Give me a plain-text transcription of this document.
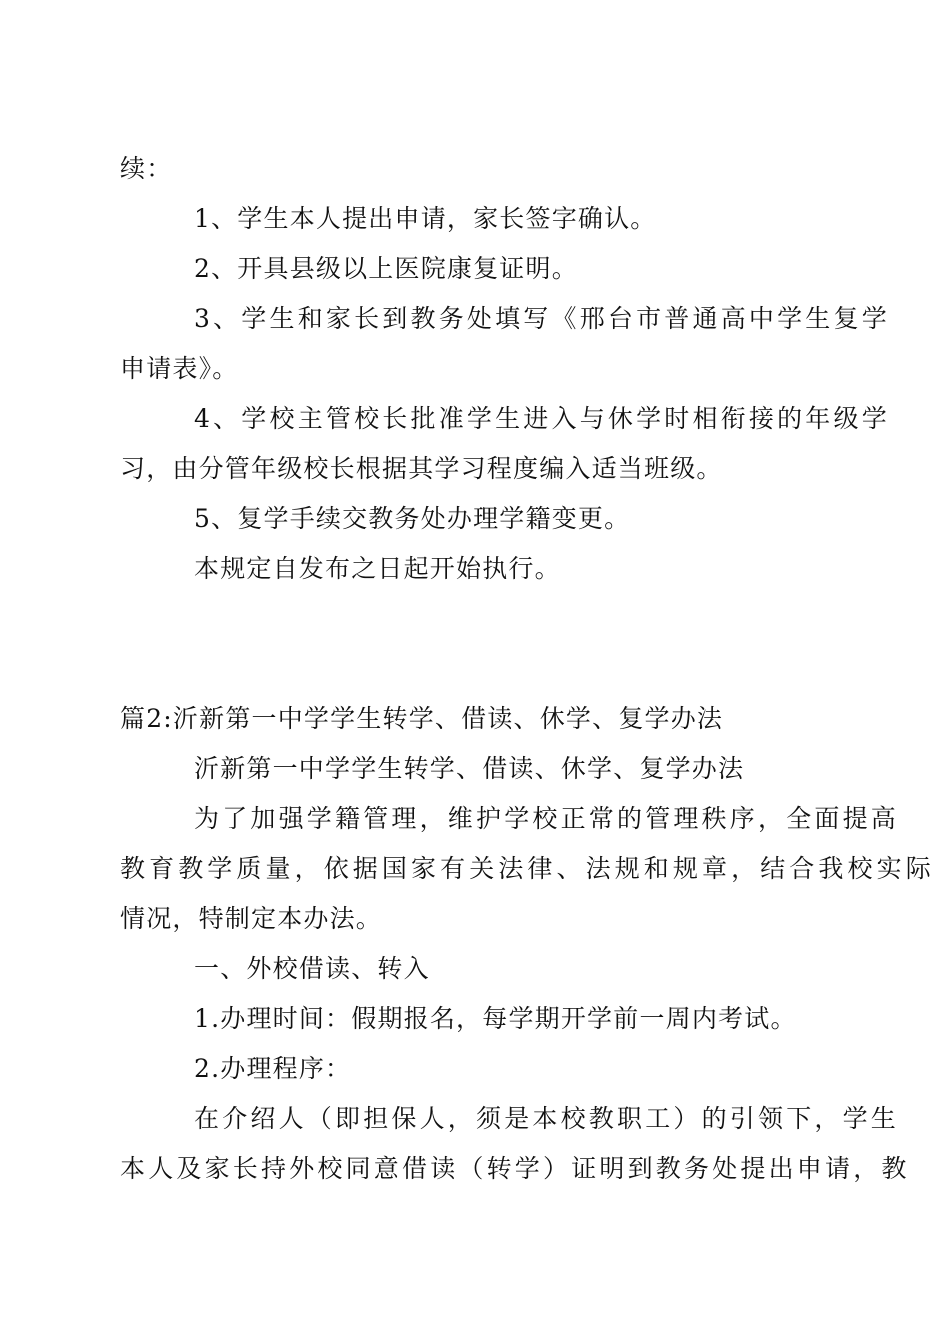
续：
1、学生本人提出申请，家长签字确认。
2、开具县级以上医院康复证明。
3、学生和家长到教务处填写《邢台市普通高中学生复学
申请表》。
4、学校主管校长批准学生进入与休学时相衔接的年级学
习，由分管年级校长根据其学习程度编入适当班级。
5、复学手续交教务处办理学籍变更。
本规定自发布之日起开始执行。
篇2:沂新第一中学学生转学、借读、休学、复学办法
沂新第一中学学生转学、借读、休学、复学办法
为了加强学籍管理，维护学校正常的管理秩序，全面提高
教育教学质量，依据国家有关法律、法规和规章，结合我校实际
情况，特制定本办法。
一、外校借读、转入
1.办理时间：假期报名，每学期开学前一周内考试。
2.办理程序：
在介绍人（即担保人，须是本校教职工）的引领下，学生
本人及家长持外校同意借读（转学）证明到教务处提出申请，教
